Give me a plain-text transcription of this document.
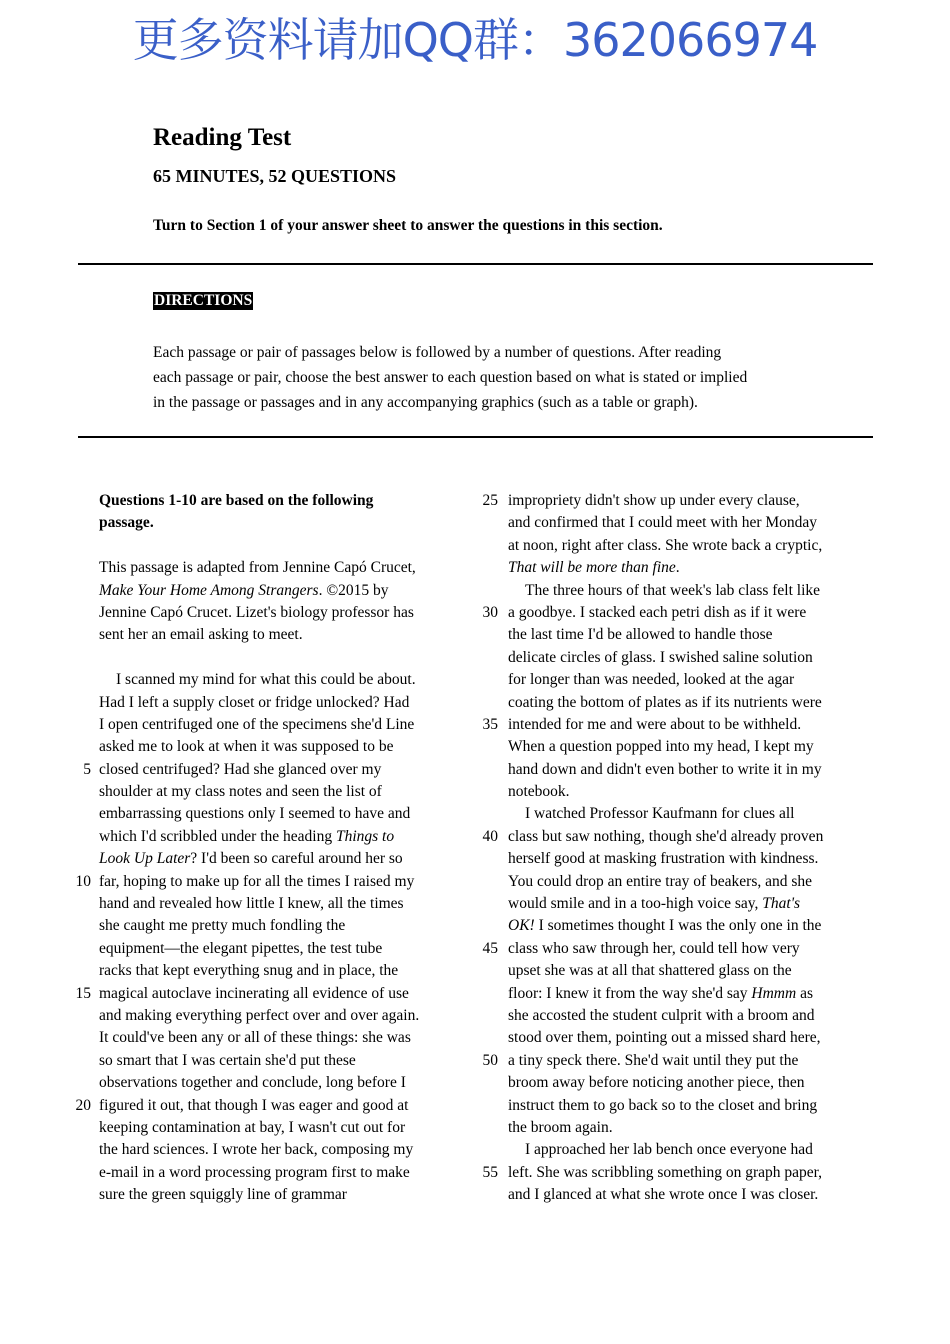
更多资料请加QQ群：362066974
Reading Test
65 MINUTES, 52 QUESTIONS
Turn to Section 1 of your answer sheet to answer the questions in this section.
DIRECTIONS
Each passage or pair of passages below is followed by a number of questions. After reading
each passage or pair, choose the best answer to each question based on what is stated or implied
in the passage or passages and in any accompanying graphics (such as a table or graph).
Questions 1-10 are based on the following
passage.
This passage is adapted from Jennine Capó Crucet,
Make Your Home Among Strangers. ©2015 by
Jennine Capó Crucet. Lizet's biology professor has
sent her an email asking to meet.
I scanned my mind for what this could be about.
Had I left a supply closet or fridge unlocked? Had
I open centrifuged one of the specimens she'd Line
asked me to look at when it was supposed to be
5 closed centrifuged? Had she glanced over my
shoulder at my class notes and seen the list of
embarrassing questions only I seemed to have and
which I'd scribbled under the heading Things to
Look Up Later? I'd been so careful around her so
10 far, hoping to make up for all the times I raised my
hand and revealed how little I knew, all the times
she caught me pretty much fondling the
equipment—the elegant pipettes, the test tube
racks that kept everything snug and in place, the
15 magical autoclave incinerating all evidence of use
and making everything perfect over and over again.
It could've been any or all of these things: she was
so smart that I was certain she'd put these
observations together and conclude, long before I
20 figured it out, that though I was eager and good at
keeping contamination at bay, I wasn't cut out for
the hard sciences. I wrote her back, composing my
e-mail in a word processing program first to make
sure the green squiggly line of grammar
25 impropriety didn't show up under every clause,
and confirmed that I could meet with her Monday
at noon, right after class. She wrote back a cryptic,
That will be more than fine.
The three hours of that week's lab class felt like
30 a goodbye. I stacked each petri dish as if it were
the last time I'd be allowed to handle those
delicate circles of glass. I swished saline solution
for longer than was needed, looked at the agar
coating the bottom of plates as if its nutrients were
35 intended for me and were about to be withheld.
When a question popped into my head, I kept my
hand down and didn't even bother to write it in my
notebook.
I watched Professor Kaufmann for clues all
40 class but saw nothing, though she'd already proven
herself good at masking frustration with kindness.
You could drop an entire tray of beakers, and she
would smile and in a too-high voice say, That's
OK! I sometimes thought I was the only one in the
45 class who saw through her, could tell how very
upset she was at all that shattered glass on the
floor: I knew it from the way she'd say Hmmm as
she accosted the student culprit with a broom and
stood over them, pointing out a missed shard here,
50 a tiny speck there. She'd wait until they put the
broom away before noticing another piece, then
instruct them to go back so to the closet and bring
the broom again.
I approached her lab bench once everyone had
55 left. She was scribbling something on graph paper,
and I glanced at what she wrote once I was closer.
